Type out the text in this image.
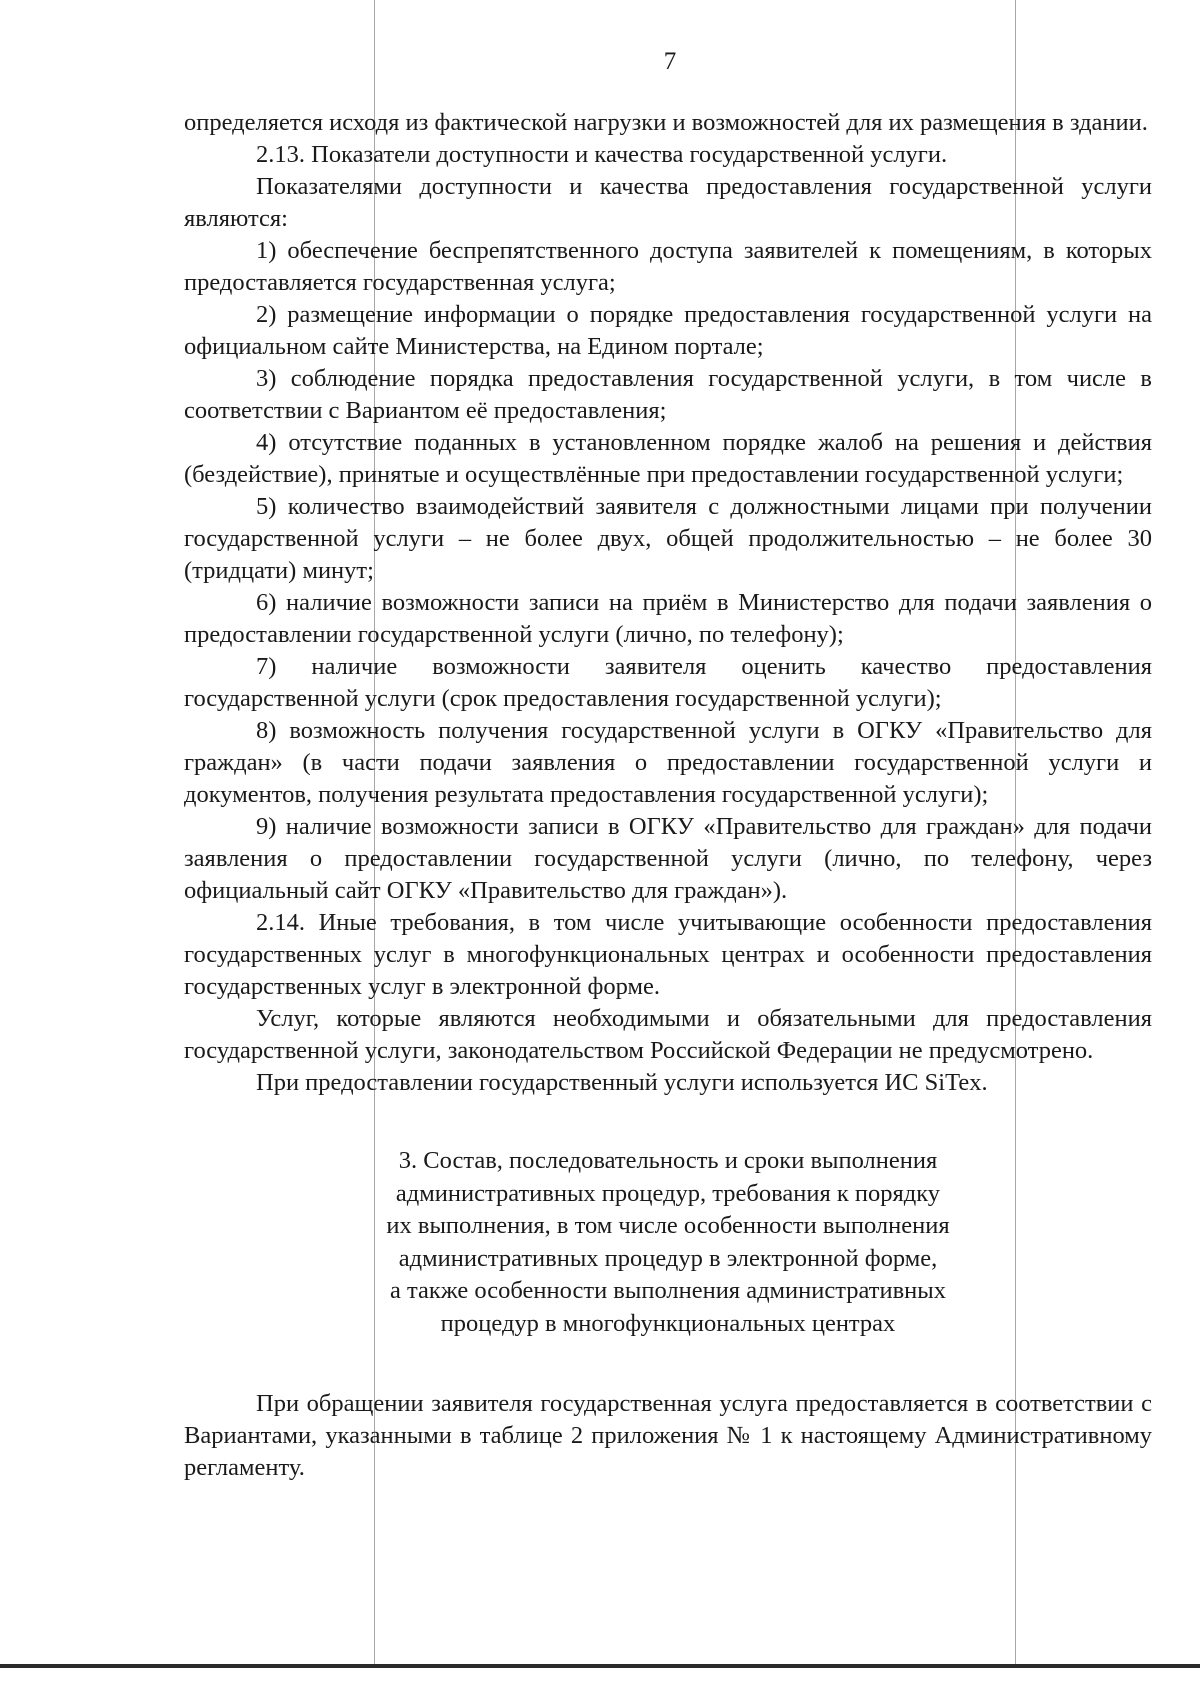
7

определяется исходя из фактической нагрузки и возможностей для их размещения в здании.

2.13. Показатели доступности и качества государственной услуги.

Показателями доступности и качества предоставления государственной услуги являются:

1) обеспечение беспрепятственного доступа заявителей к помещениям, в которых предоставляется государственная услуга;

2) размещение информации о порядке предоставления государственной услуги на официальном сайте Министерства, на Едином портале;

3) соблюдение порядка предоставления государственной услуги, в том числе в соответствии с Вариантом её предоставления;

4) отсутствие поданных в установленном порядке жалоб на решения и действия (бездействие), принятые и осуществлённые при предоставлении государственной услуги;

5) количество взаимодействий заявителя с должностными лицами при получении государственной услуги – не более двух, общей продолжительностью – не более 30 (тридцати) минут;

6) наличие возможности записи на приём в Министерство для подачи заявления о предоставлении государственной услуги (лично, по телефону);

7) наличие возможности заявителя оценить качество предоставления государственной услуги (срок предоставления государственной услуги);

8) возможность получения государственной услуги в ОГКУ «Правительство для граждан» (в части подачи заявления о предоставлении государственной услуги и документов, получения результата предоставления государственной услуги);

9) наличие возможности записи в ОГКУ «Правительство для граждан» для подачи заявления о предоставлении государственной услуги (лично, по телефону, через официальный сайт ОГКУ «Правительство для граждан»).

2.14. Иные требования, в том числе учитывающие особенности предоставления государственных услуг в многофункциональных центрах и особенности предоставления государственных услуг в электронной форме.

Услуг, которые являются необходимыми и обязательными для предоставления государственной услуги, законодательством Российской Федерации не предусмотрено.

При предоставлении государственный услуги используется ИС SiTex.

3. Состав, последовательность и сроки выполнения
административных процедур, требования к порядку
их выполнения, в том числе особенности выполнения
административных процедур в электронной форме,
а также особенности выполнения административных
процедур в многофункциональных центрах

При обращении заявителя государственная услуга предоставляется в соответствии с Вариантами, указанными в таблице 2 приложения № 1 к настоящему Административному регламенту.
